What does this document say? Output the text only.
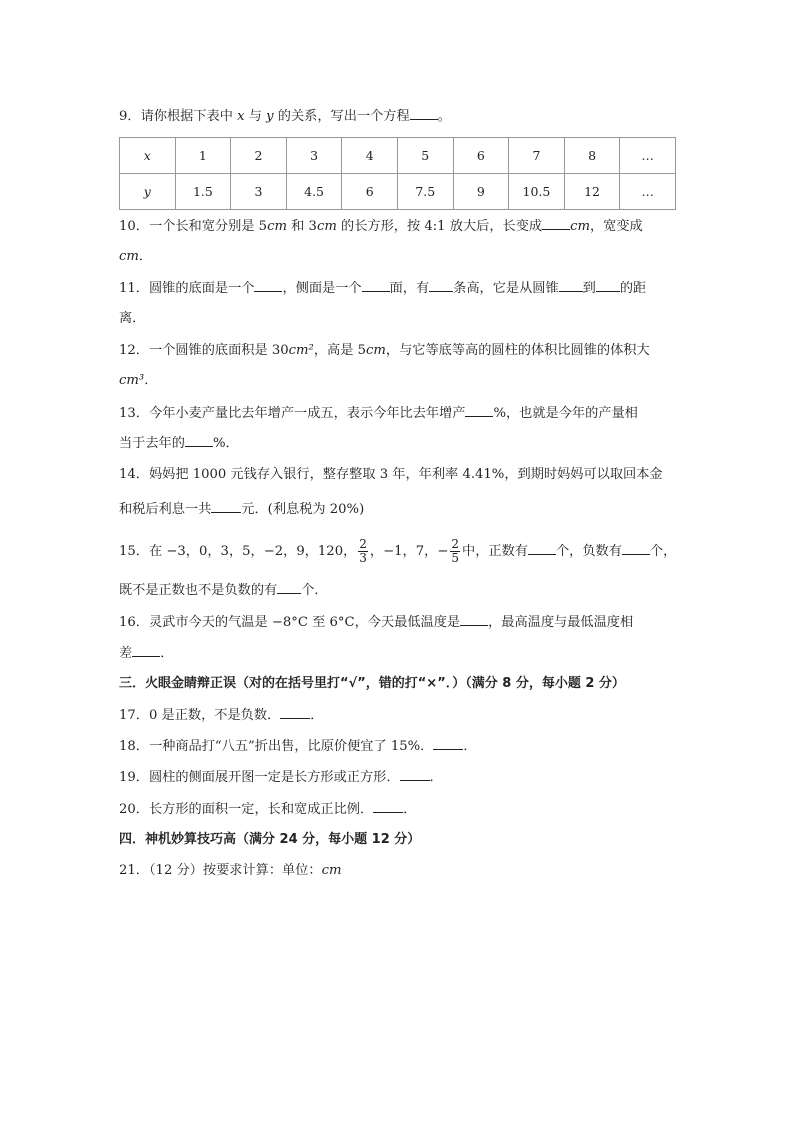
9．请你根据下表中 x 与 y 的关系，写出一个方程 。
x	1	2	3	4	5	6	7	8	…
y	1.5	3	4.5	6	7.5	9	10.5	12	…
10．一个长和宽分别是 5cm 和 3cm 的长方形，按 4:1 放大后，长变成 cm，宽变成
cm．
11．圆锥的底面是一个 ，侧面是一个 面，有 条高，它是从圆锥 到 的距
离．
12．一个圆锥的底面积是 30cm²，高是 5cm，与它等底等高的圆柱的体积比圆锥的体积大
cm³．
13．今年小麦产量比去年增产一成五，表示今年比去年增产 %，也就是今年的产量相
当于去年的 %．
14．妈妈把 1000 元钱存入银行，整存整取 3 年，年利率 4.41%，到期时妈妈可以取回本金
和税后利息一共 元．(利息税为 20%)
15．在 −3，0，3，5，−2，9，120， $\frac{2}{3}$ ，−1，7，− $\frac{2}{5}$ 中，正数有 个，负数有 个，
既不是正数也不是负数的有 个．
16．灵武市今天的气温是 −8°C 至 6°C，今天最低温度是 ，最高温度与最低温度相
差 ．
三．火眼金睛辩正误（对的在括号里打“√”，错的打“×”．）（满分 8 分，每小题 2 分）
17．0 是正数，不是负数． ．
18．一种商品打“八五”折出售，比原价便宜了 15%． ．
19．圆柱的侧面展开图一定是长方形或正方形． ．
20．长方形的面积一定，长和宽成正比例． ．
四．神机妙算技巧高（满分 24 分，每小题 12 分）
21．（12 分）按要求计算：单位：cm
